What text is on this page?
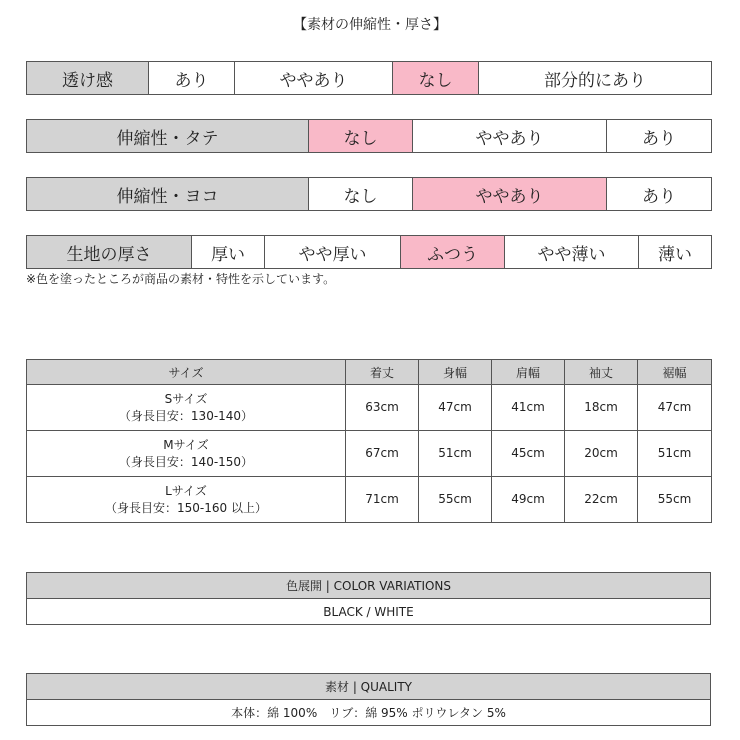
【素材の伸縮性・厚さ】
透け感	あり	ややあり	なし	部分的にあり
伸縮性・タテ	なし	ややあり	あり
伸縮性・ヨコ	なし	ややあり	あり
生地の厚さ	厚い	やや厚い	ふつう	やや薄い	薄い
※色を塗ったところが商品の素材・特性を示しています。
サイズ	着丈	身幅	肩幅	袖丈	裾幅

Sサイズ
（身長目安：130-140）	63cm	47cm	41cm	18cm	47cm

Mサイズ
（身長目安：140-150）	67cm	51cm	45cm	20cm	51cm

Lサイズ
（身長目安：150-160 以上）	71cm	55cm	49cm	22cm	55cm
色展開 | COLOR VARIATIONS
BLACK / WHITE
素材 | QUALITY
本体：綿 100%　リブ：綿 95% ポリウレタン 5%
